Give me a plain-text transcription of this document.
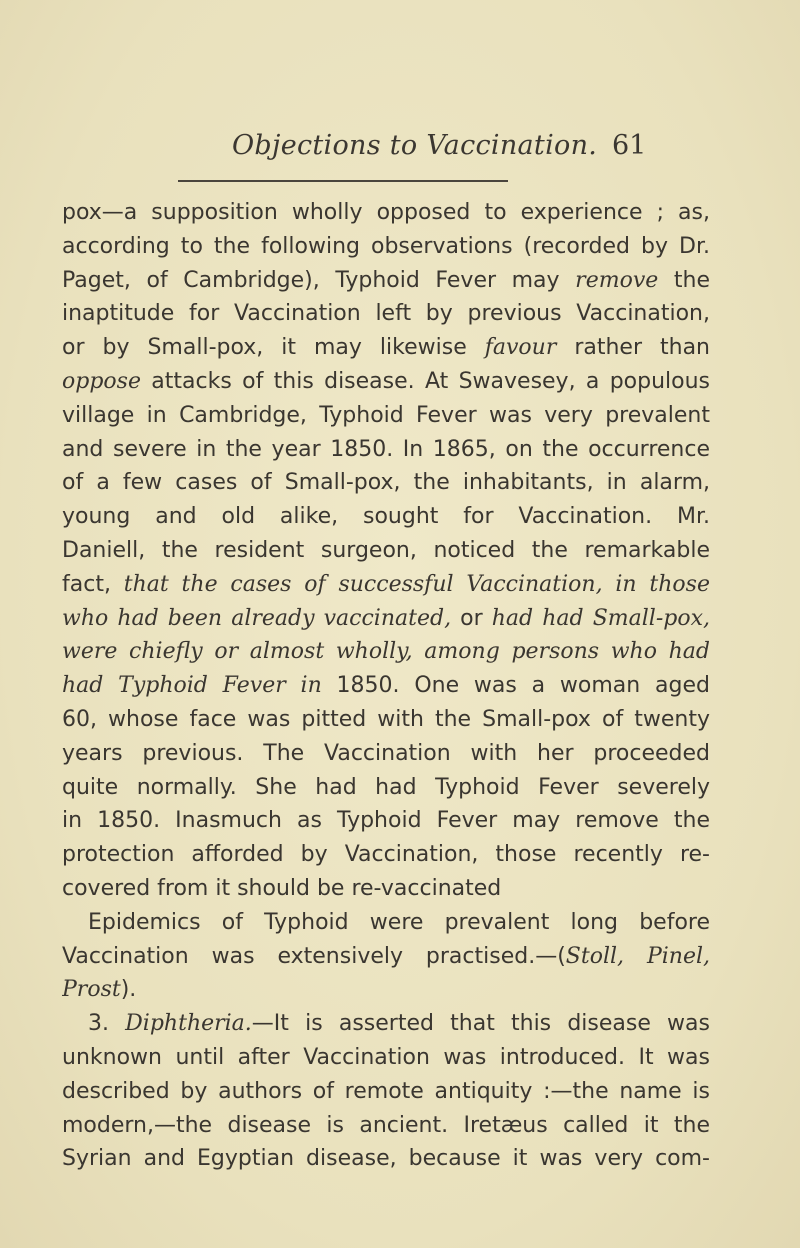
Objections to Vaccination. 61
pox—a supposition wholly opposed to experience ; as,
according to the following observations (recorded by Dr.
Paget, of Cambridge), Typhoid Fever may remove the
inaptitude for Vaccination left by previous Vaccination,
or by Small-pox, it may likewise favour rather than
oppose attacks of this disease. At Swavesey, a populous
village in Cambridge, Typhoid Fever was very prevalent
and severe in the year 1850. In 1865, on the occurrence
of a few cases of Small-pox, the inhabitants, in alarm,
young and old alike, sought for Vaccination. Mr.
Daniell, the resident surgeon, noticed the remarkable
fact, that the cases of successful Vaccination, in those
who had been already vaccinated, or had had Small-pox,
were chiefly or almost wholly, among persons who had
had Typhoid Fever in 1850. One was a woman aged
60, whose face was pitted with the Small-pox of twenty
years previous. The Vaccination with her proceeded
quite normally. She had had Typhoid Fever severely
in 1850. Inasmuch as Typhoid Fever may remove the
protection afforded by Vaccination, those recently re-
covered from it should be re-vaccinated
Epidemics of Typhoid were prevalent long before
Vaccination was extensively practised.—(Stoll, Pinel,
Prost).
3. Diphtheria.—It is asserted that this disease was
unknown until after Vaccination was introduced. It was
described by authors of remote antiquity :—the name is
modern,—the disease is ancient. Iretæus called it the
Syrian and Egyptian disease, because it was very com-
